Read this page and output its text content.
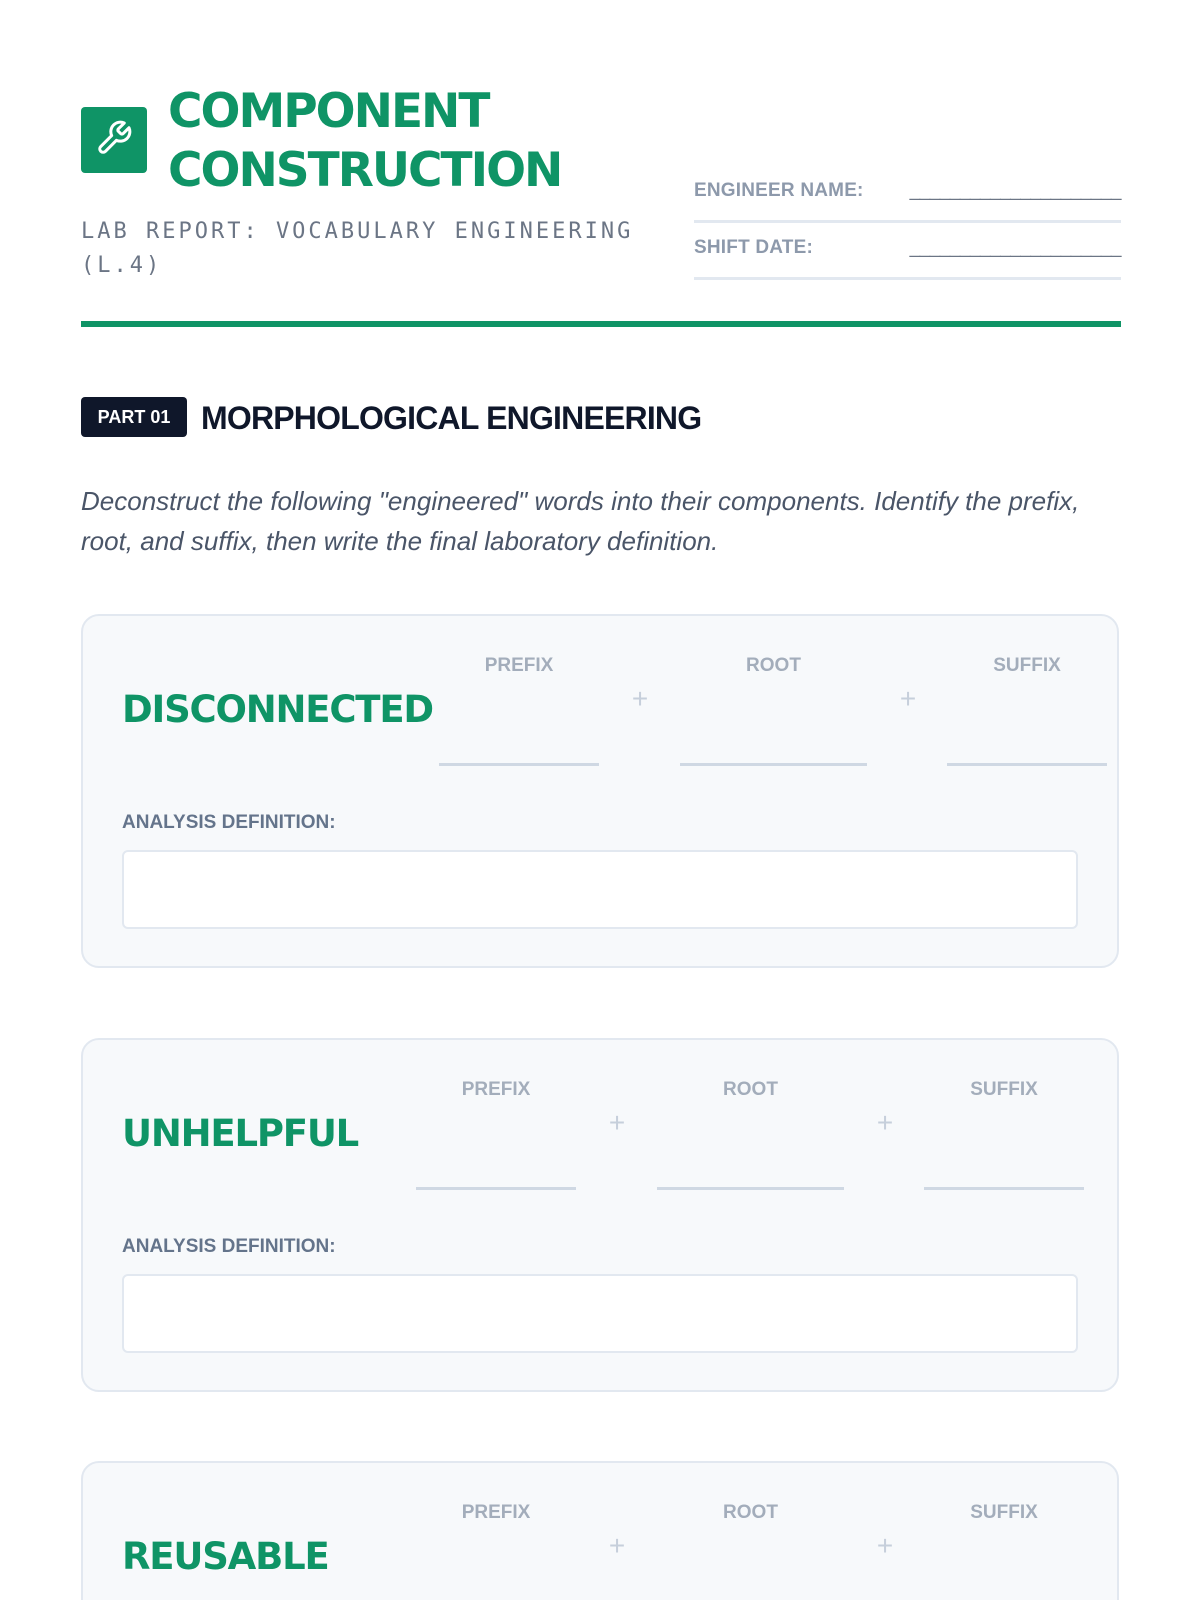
COMPONENT
CONSTRUCTION
LAB REPORT: VOCABULARY ENGINEERING (L.4)
ENGINEER NAME: _____________________
SHIFT DATE:	_____________________
PART 01 MORPHOLOGICAL ENGINEERING
Deconstruct the following "engineered" words into their components. Identify the prefix, root, and suffix, then write the final laboratory definition.
DISCONNECTED
PREFIX
+
ROOT
+
SUFFIX
ANALYSIS DEFINITION:
UNHELPFUL
PREFIX
+
ROOT
+
SUFFIX
ANALYSIS DEFINITION:
REUSABLE
PREFIX
+
ROOT
+
SUFFIX
